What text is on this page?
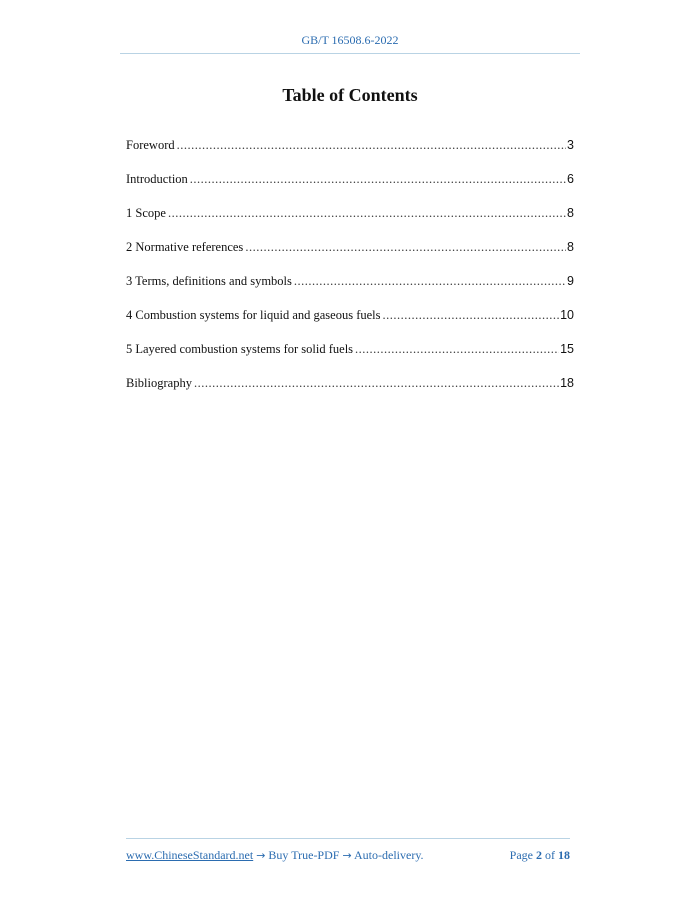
GB/T 16508.6-2022
Table of Contents
Foreword .....	3
Introduction .....	6
1 Scope .....	8
2 Normative references .....	8
3 Terms, definitions and symbols .....	9
4 Combustion systems for liquid and gaseous fuels .....	10
5 Layered combustion systems for solid fuels .....	15
Bibliography .....	18
www.ChineseStandard.net → Buy True-PDF → Auto-delivery.	Page 2 of 18
